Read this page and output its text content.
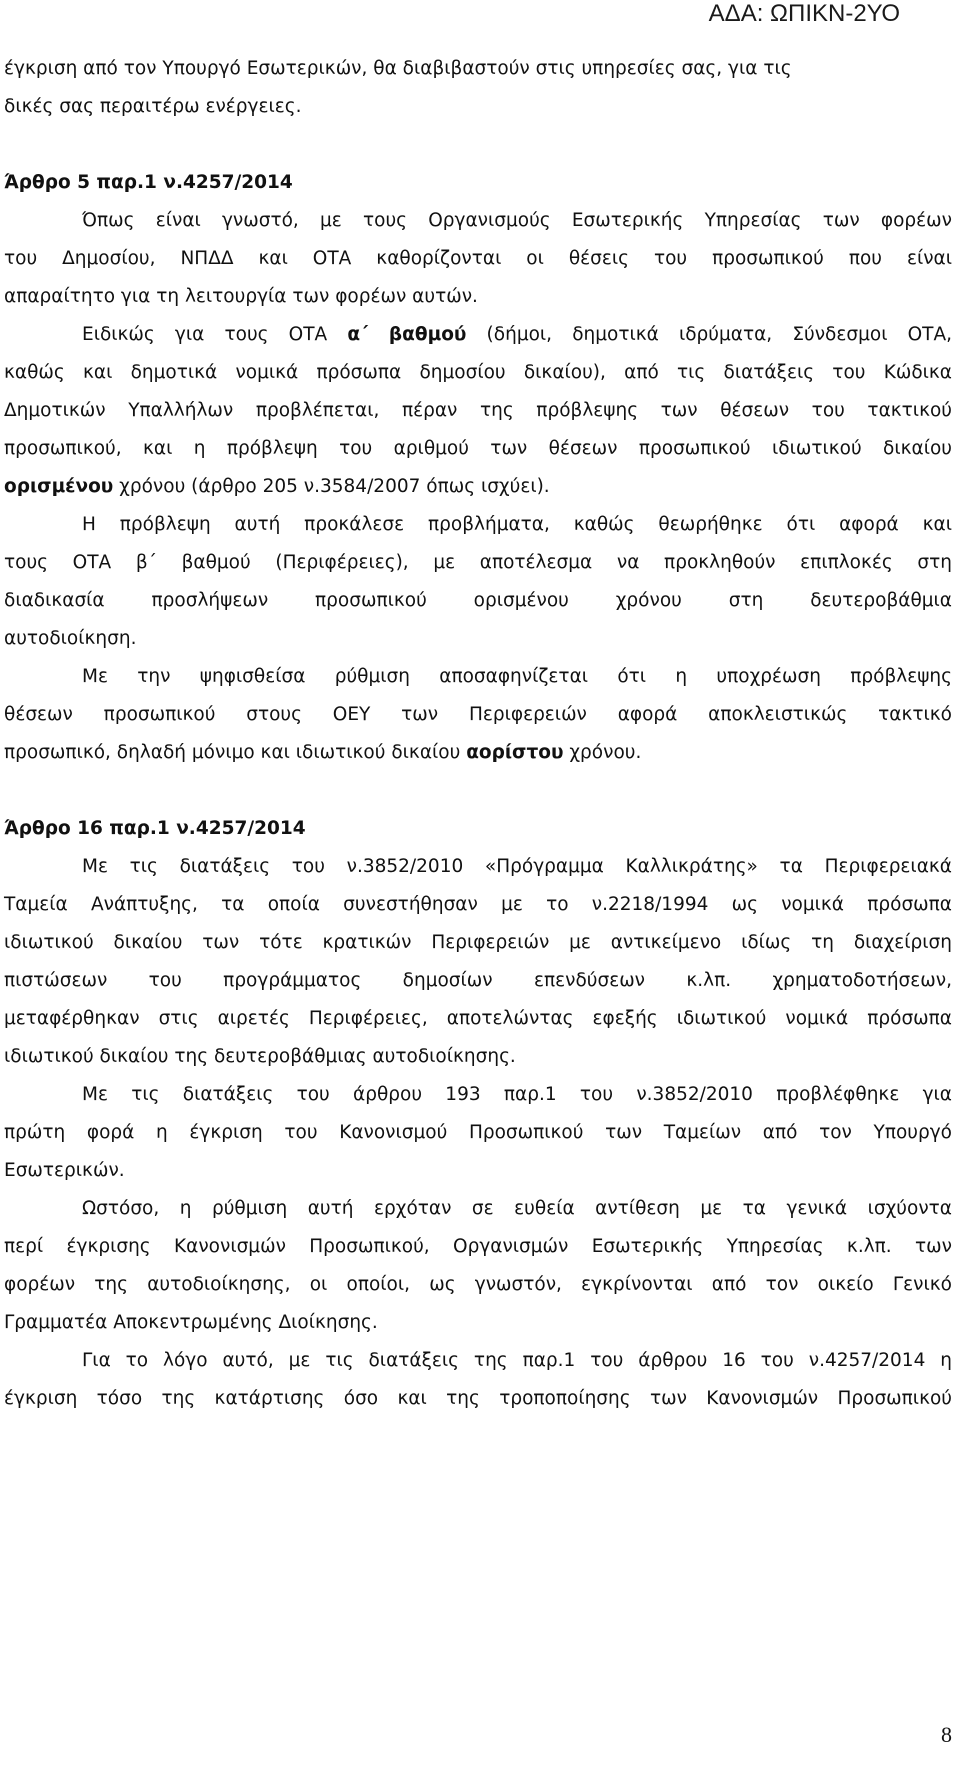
ΑΔΑ: ΩΠΙΚΝ-2ΥΟ
έγκριση από τον Υπουργό Εσωτερικών, θα διαβιβαστούν στις υπηρεσίες σας, για τις
δικές σας περαιτέρω ενέργειες.
Άρθρο 5 παρ.1 ν.4257/2014
Όπως είναι γνωστό, με τους Οργανισμούς Εσωτερικής Υπηρεσίας των φορέων
του Δημοσίου, ΝΠΔΔ και ΟΤΑ καθορίζονται οι θέσεις του προσωπικού που είναι
απαραίτητο για τη λειτουργία των φορέων αυτών.
Ειδικώς για τους ΟΤΑ α΄ βαθμού (δήμοι, δημοτικά ιδρύματα, Σύνδεσμοι ΟΤΑ,
καθώς και δημοτικά νομικά πρόσωπα δημοσίου δικαίου), από τις διατάξεις του Κώδικα
Δημοτικών Υπαλλήλων προβλέπεται, πέραν της πρόβλεψης των θέσεων του τακτικού
προσωπικού, και η πρόβλεψη του αριθμού των θέσεων προσωπικού ιδιωτικού δικαίου
ορισμένου χρόνου (άρθρο 205 ν.3584/2007 όπως ισχύει).
Η πρόβλεψη αυτή προκάλεσε προβλήματα, καθώς θεωρήθηκε ότι αφορά και
τους ΟΤΑ β΄ βαθμού (Περιφέρειες), με αποτέλεσμα να προκληθούν επιπλοκές στη
διαδικασία προσλήψεων προσωπικού ορισμένου χρόνου στη δευτεροβάθμια
αυτοδιοίκηση.
Με την ψηφισθείσα ρύθμιση αποσαφηνίζεται ότι η υποχρέωση πρόβλεψης
θέσεων προσωπικού στους ΟΕΥ των Περιφερειών αφορά αποκλειστικώς τακτικό
προσωπικό, δηλαδή μόνιμο και ιδιωτικού δικαίου αορίστου χρόνου.
Άρθρο 16 παρ.1 ν.4257/2014
Με τις διατάξεις του ν.3852/2010 «Πρόγραμμα Καλλικράτης» τα Περιφερειακά
Ταμεία Ανάπτυξης, τα οποία συνεστήθησαν με το ν.2218/1994 ως νομικά πρόσωπα
ιδιωτικού δικαίου των τότε κρατικών Περιφερειών με αντικείμενο ιδίως τη διαχείριση
πιστώσεων του προγράμματος δημοσίων επενδύσεων κ.λπ. χρηματοδοτήσεων,
μεταφέρθηκαν στις αιρετές Περιφέρειες, αποτελώντας εφεξής ιδιωτικού νομικά πρόσωπα
ιδιωτικού δικαίου της δευτεροβάθμιας αυτοδιοίκησης.
Με τις διατάξεις του άρθρου 193 παρ.1 του ν.3852/2010 προβλέφθηκε για
πρώτη φορά η έγκριση του Κανονισμού Προσωπικού των Ταμείων από τον Υπουργό
Εσωτερικών.
Ωστόσο, η ρύθμιση αυτή ερχόταν σε ευθεία αντίθεση με τα γενικά ισχύοντα
περί έγκρισης Κανονισμών Προσωπικού, Οργανισμών Εσωτερικής Υπηρεσίας κ.λπ. των
φορέων της αυτοδιοίκησης, οι οποίοι, ως γνωστόν, εγκρίνονται από τον οικείο Γενικό
Γραμματέα Αποκεντρωμένης Διοίκησης.
Για το λόγο αυτό, με τις διατάξεις της παρ.1 του άρθρου 16 του ν.4257/2014 η
έγκριση τόσο της κατάρτισης όσο και της τροποποίησης των Κανονισμών Προσωπικού
8
